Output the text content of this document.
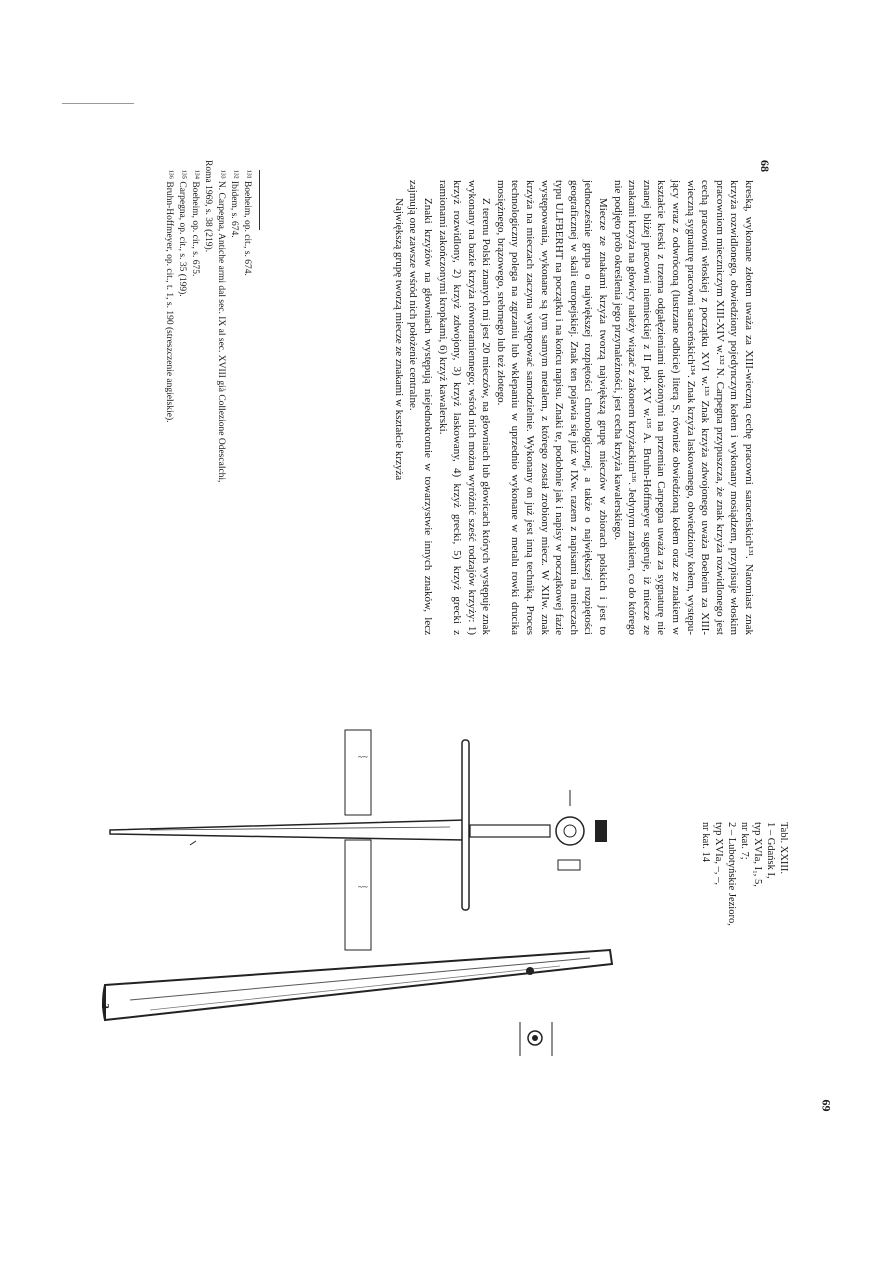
68

kreską, wykonane złotem uważa za XIII-wieczną cechę pracowni saraceńskich¹³¹. Natomiast znak krzyża rozwidlonego, obwiedziony pojedynczym kołem i wykonany mosiądzem, przypisuje włoskim pracowniom mieczniczym XIII-XIV w.¹³² N. Carpegna przypuszcza, że znak krzyża rozwidlonego jest cechą pracowni włoskiej z początku XVI w.¹³³ Znak krzyża zdwojonego uważa Boeheim za XIII-wieczną sygnaturę pracowni saraceńskich¹³⁴. Znak krzyża laskowanego, obwiedziony kołem, występujący wraz z odwróconą (lustrzane odbicie) literą S, również obwiedzioną kołem oraz ze znakiem w kształcie kreski z trzema odgałęzieniami ułożonymi na przemian Carpegna uważa za sygnaturę nie znanej bliżej pracowni niemieckiej z II poł. XV w.¹³⁵ A. Bruhn-Hoffmeyer sugeruje, iż miecze ze znakami krzyża na głowicy należy wiązać z zakonem krzyżackim¹³⁶. Jedynym znakiem, co do którego nie podjęto prób określenia jego przynależności, jest cecha krzyża kawalerskiego.

Miecze ze znakami krzyża tworzą największą grupę mieczów w zbiorach polskich i jest to jednocześnie grupa o największej rozpiętości chronologicznej, a także o największej rozpiętości geograficznej w skali europejskiej. Znak ten pojawia się już w IXw. razem z napisami na mieczach typu ULFBERHT na początku i na końcu napisu. Znaki te, podobnie jak i napisy w początkowej fazie występowania, wykonane są tym samym metalem, z którego został zrobiony miecz. W XIIw. znak krzyża na mieczach zaczyna występować samodzielnie. Wykonany on już jest inną techniką. Proces technologiczny polega na zgrzaniu lub wklepaniu w uprzednio wykonane w metalu rowki drucika mosiężnego, brązowego, srebrnego lub też złotego.

Z terenu Polski znanych mi jest 20 mieczów, na głowniach lub głowicach których występuje znak wykonany na bazie krzyża równoramiennego; wśród nich można wyróżnić sześć rodzajów krzyży: 1) krzyż rozwidlony, 2) krzyż zdwojony, 3) krzyż laskowany, 4) krzyż grecki, 5) krzyż grecki z ramionami zakończonymi kropkami, 6) krzyż kawalerski.

Znaki krzyżów na głowniach występują niejednokrotnie w towarzystwie innych znaków, lecz zajmują one zawsze wśród nich położenie centralne.

Największą grupę tworzą miecze ze znakami w kształcie krzyża

¹³¹ Boeheim, op. cit., s. 674.

¹³² Ibidem, s. 674.

¹³³ N. Carpegna, Antiche armi dal sec. IX al sec. XVIII già Collezione Odescalchi,

Roma 1969, s. 38 (219).

¹³⁴ Boeheim, op. cit., s. 675.

¹³⁵ Carpegna, op. cit., s. 35 (199).

¹³⁶ Bruhn-Hoffmeyer, op. cit., t. 1, s. 190 (streszczenie angielskie).

Tabl. XXIII.

1 – Gdańsk I,

typ XVIa, I₁, 5,

nr kat. 7;

2 – Lubotyńskie Jezioro,

typ XVIa, –, –,

nr kat. 14

~~
~~
2
69
